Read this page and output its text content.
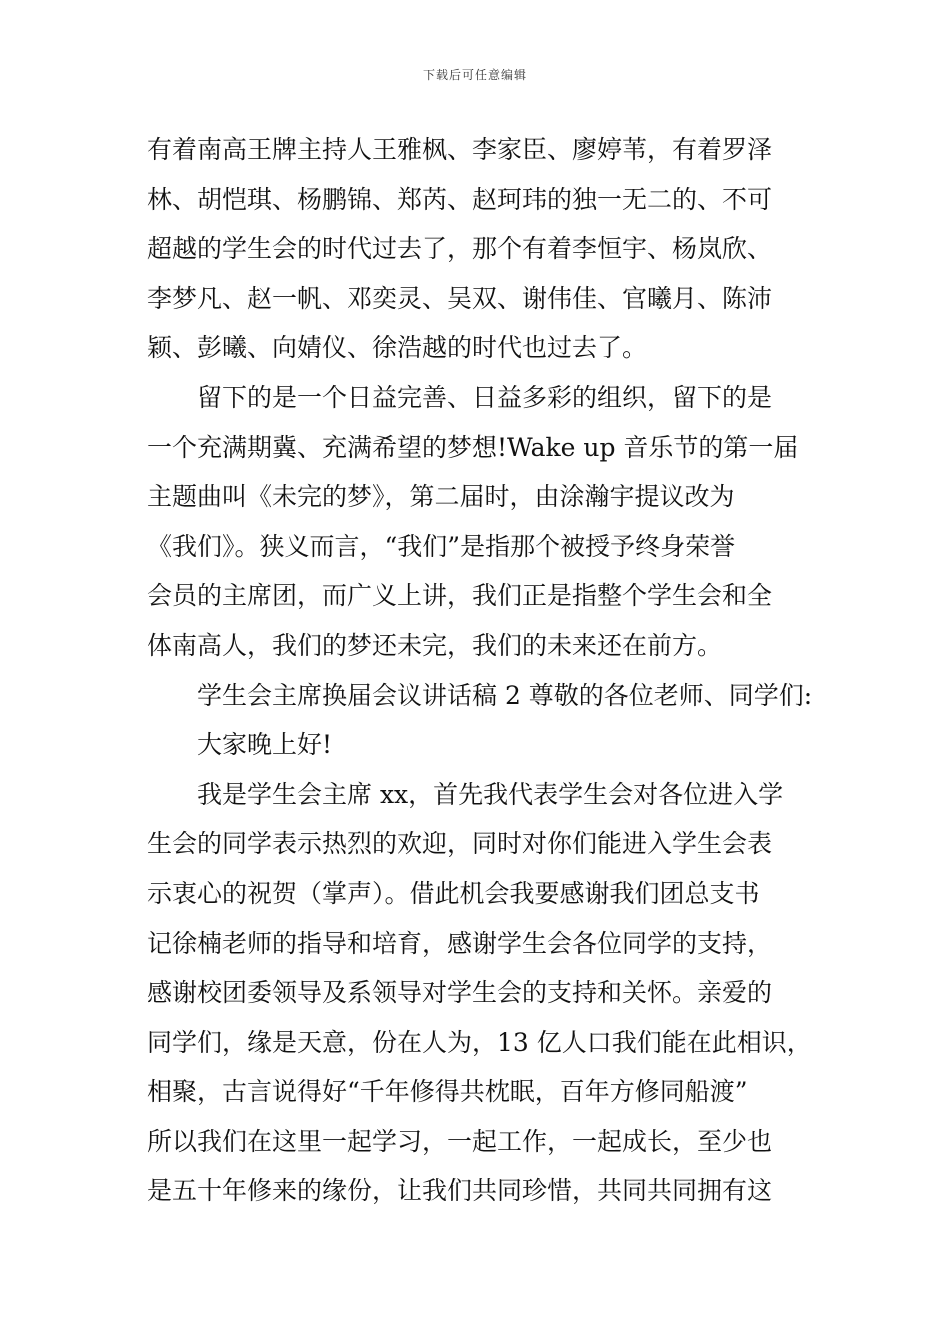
下载后可任意编辑
有着南高王牌主持人王雅枫、李家臣、廖婷苇，有着罗泽
林、胡恺琪、杨鹏锦、郑芮、赵珂玮的独一无二的、不可
超越的学生会的时代过去了，那个有着李恒宇、杨岚欣、
李梦凡、赵一帆、邓奕灵、吴双、谢伟佳、官曦月、陈沛
颖、彭曦、向婧仪、徐浩越的时代也过去了。
留下的是一个日益完善、日益多彩的组织，留下的是
一个充满期冀、充满希望的梦想!Wake up 音乐节的第一届
主题曲叫《未完的梦》，第二届时，由涂瀚宇提议改为
《我们》。狭义而言，“我们”是指那个被授予终身荣誉
会员的主席团，而广义上讲，我们正是指整个学生会和全
体南高人，我们的梦还未完，我们的未来还在前方。
学生会主席换届会议讲话稿 2 尊敬的各位老师、同学们:
大家晚上好!
我是学生会主席 xx，首先我代表学生会对各位进入学
生会的同学表示热烈的欢迎，同时对你们能进入学生会表
示衷心的祝贺（掌声）。借此机会我要感谢我们团总支书
记徐楠老师的指导和培育，感谢学生会各位同学的支持，
感谢校团委领导及系领导对学生会的支持和关怀。亲爱的
同学们，缘是天意，份在人为，13 亿人口我们能在此相识，
相聚，古言说得好“千年修得共枕眠，百年方修同船渡”
所以我们在这里一起学习，一起工作，一起成长，至少也
是五十年修来的缘份，让我们共同珍惜，共同共同拥有这
